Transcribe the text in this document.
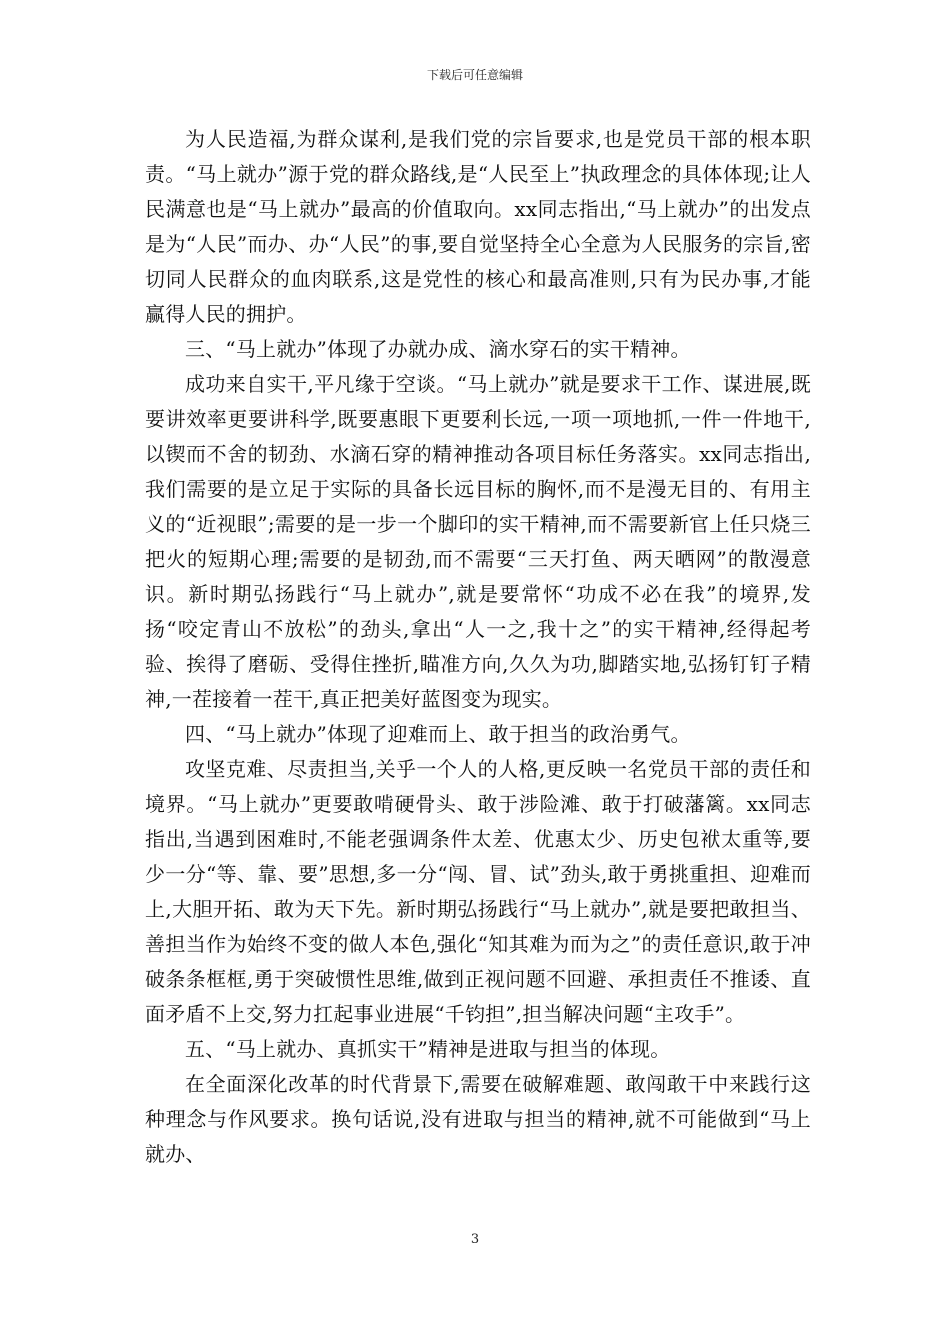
下载后可任意编辑

为人民造福,为群众谋利,是我们党的宗旨要求,也是党员干部的根本职责。“马上就办”源于党的群众路线,是“人民至上”执政理念的具体体现;让人民满意也是“马上就办”最高的价值取向。xx同志指出,“马上就办”的出发点是为“人民”而办、办“人民”的事,要自觉坚持全心全意为人民服务的宗旨,密切同人民群众的血肉联系,这是党性的核心和最高准则,只有为民办事,才能赢得人民的拥护。

三、“马上就办”体现了办就办成、滴水穿石的实干精神。

成功来自实干,平凡缘于空谈。“马上就办”就是要求干工作、谋进展,既要讲效率更要讲科学,既要惠眼下更要利长远,一项一项地抓,一件一件地干,以锲而不舍的韧劲、水滴石穿的精神推动各项目标任务落实。xx同志指出,我们需要的是立足于实际的具备长远目标的胸怀,而不是漫无目的、有用主义的“近视眼”;需要的是一步一个脚印的实干精神,而不需要新官上任只烧三把火的短期心理;需要的是韧劲,而不需要“三天打鱼、两天晒网”的散漫意识。新时期弘扬践行“马上就办”,就是要常怀“功成不必在我”的境界,发扬“咬定青山不放松”的劲头,拿出“人一之,我十之”的实干精神,经得起考验、挨得了磨砺、受得住挫折,瞄准方向,久久为功,脚踏实地,弘扬钉钉子精神,一茬接着一茬干,真正把美好蓝图变为现实。

四、“马上就办”体现了迎难而上、敢于担当的政治勇气。

攻坚克难、尽责担当,关乎一个人的人格,更反映一名党员干部的责任和境界。“马上就办”更要敢啃硬骨头、敢于涉险滩、敢于打破藩篱。xx同志指出,当遇到困难时,不能老强调条件太差、优惠太少、历史包袱太重等,要少一分“等、靠、要”思想,多一分“闯、冒、试”劲头,敢于勇挑重担、迎难而上,大胆开拓、敢为天下先。新时期弘扬践行“马上就办”,就是要把敢担当、善担当作为始终不变的做人本色,强化“知其难为而为之”的责任意识,敢于冲破条条框框,勇于突破惯性思维,做到正视问题不回避、承担责任不推诿、直面矛盾不上交,努力扛起事业进展“千钧担”,担当解决问题“主攻手”。

五、“马上就办、真抓实干”精神是进取与担当的体现。

在全面深化改革的时代背景下,需要在破解难题、敢闯敢干中来践行这种理念与作风要求。换句话说,没有进取与担当的精神,就不可能做到“马上就办、

3
